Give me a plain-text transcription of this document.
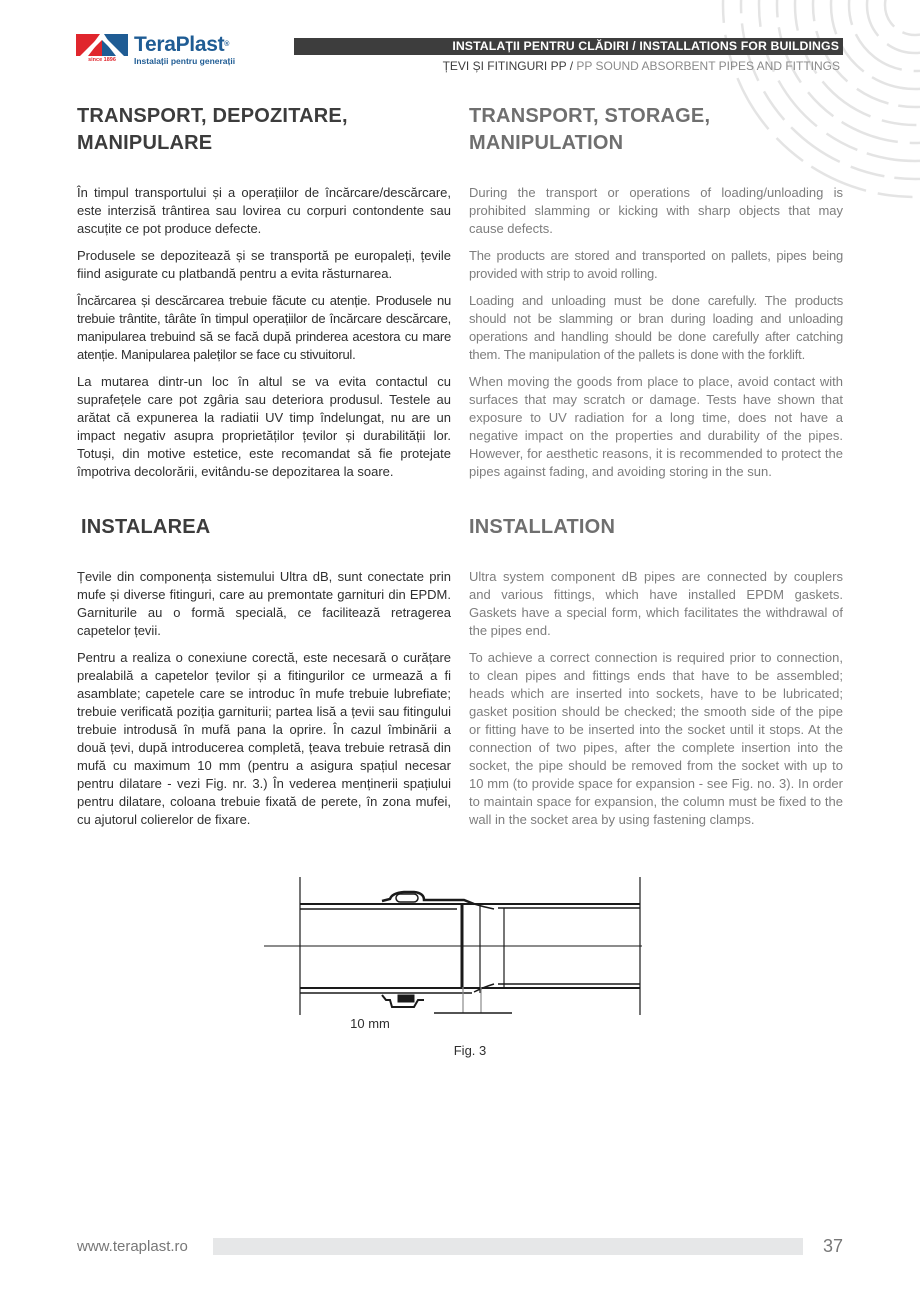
since 1896
TeraPlast®
Instalații pentru generații
INSTALAȚII PENTRU CLĂDIRI / INSTALLATIONS FOR BUILDINGS
ȚEVI ȘI FITINGURI PP / PP SOUND ABSORBENT PIPES AND FITTINGS
TRANSPORT, DEPOZITARE,
MANIPULARE

În timpul transportului și a operațiilor de încărcare/descărcare, este interzisă trântirea sau lovirea cu corpuri contondente sau ascuțite ce pot produce defecte.

Produsele se depozitează și se transportă pe europaleți, țevile fiind asigurate cu platbandă pentru a evita răsturnarea.

Încărcarea și descărcarea trebuie făcute cu atenție. Produsele nu trebuie trântite, târâte în timpul operațiilor de încărcare descărcare, manipularea trebuind să se facă după prinderea acestora cu mare atenție. Manipularea paleților se face cu stivuitorul.

La mutarea dintr-un loc în altul se va evita contactul cu suprafețele care pot zgâria sau deteriora produsul. Testele au arătat că expunerea la radiatii UV timp îndelungat, nu are un impact negativ asupra proprietăților țevilor și durabilității lor. Totuși, din motive estetice, este recomandat să fie protejate împotriva decolorării, evitându-se depozitarea la soare.

TRANSPORT, STORAGE,
MANIPULATION

During the transport or operations of loading/unloading is prohibited slamming or kicking with sharp objects that may cause defects.

The products are stored and transported on pallets, pipes being provided with strip to avoid rolling.

Loading and unloading must be done carefully. The products should not be slamming or bran during loading and unloading operations and handling should be done carefully after catching them. The manipulation of the pallets is done with the forklift.

When moving the goods from place to place, avoid contact with surfaces that may scratch or damage. Tests have shown that exposure to UV radiation for a long time, does not have a negative impact on the properties and durability of the pipes. However, for aesthetic reasons, it is recommended to protect the pipes against fading, and avoiding storing in the sun.

INSTALAREA

Țevile din componența sistemului Ultra dB, sunt conectate prin mufe și diverse fitinguri, care au premontate garnituri din EPDM. Garniturile au o formă specială, ce facilitează retragerea capetelor țevii.

Pentru a realiza o conexiune corectă, este necesară o curățare prealabilă a capetelor țevilor și a fitingurilor ce urmează a fi asamblate; capetele care se introduc în mufe trebuie lubrefiate; trebuie verificată poziția garniturii; partea lisă a țevii sau fitingului trebuie introdusă în mufă pana la oprire. În cazul îmbinării a două țevi, după introducerea completă, țeava trebuie retrasă din mufă cu maximum 10 mm (pentru a asigura spațiul necesar pentru dilatare - vezi Fig. nr. 3.) În vederea menținerii spațiului pentru dilatare, coloana trebuie fixată de perete, în zona mufei, cu ajutorul colierelor de fixare.

INSTALLATION

Ultra system component dB pipes are connected by couplers and various fittings, which have installed EPDM gaskets. Gaskets have a special form, which facilitates the withdrawal of the pipes end.

To achieve a correct connection is required prior to connection, to clean pipes and fittings ends that have to be assembled; heads which are inserted into sockets, have to be lubricated; gasket position should be checked; the smooth side of the pipe or fitting have to be inserted into the socket until it stops. At the connection of two pipes, after the complete insertion into the socket, the pipe should be removed from the socket with up to 10 mm (to provide space for expansion - see Fig. no. 3). In order to maintain space for expansion, the column must be fixed to the wall in the socket area by using fastening clamps.

10 mm
Fig. 3
www.teraplast.ro	37
